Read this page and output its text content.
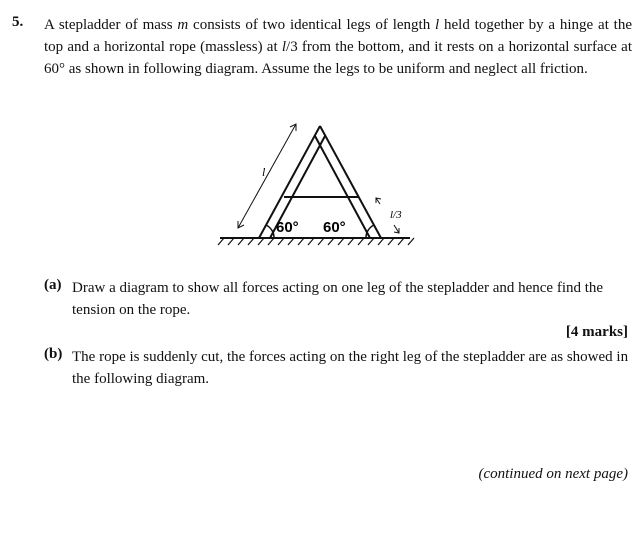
5. A stepladder of mass m consists of two identical legs of length l held together by a hinge at the top and a horizontal rope (massless) at l/3 from the bottom, and it rests on a horizontal surface at 60° as shown in following diagram. Assume the legs to be uniform and neglect all friction.
l
60° 60°
l/3
(a) Draw a diagram to show all forces acting on one leg of the stepladder and hence find the tension on the rope.
[4 marks]
(b) The rope is suddenly cut, the forces acting on the right leg of the stepladder are as showed in the following diagram.
(continued on next page)
